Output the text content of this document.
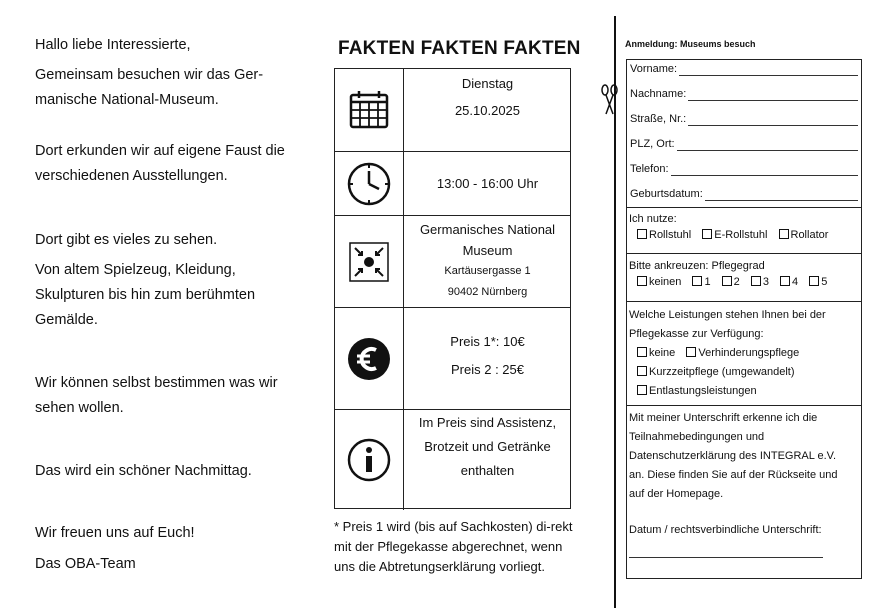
Hallo liebe Interessierte,

Gemeinsam besuchen wir das Ger-manische National-Museum.

Dort erkunden wir auf eigene Faust die verschiedenen Ausstellungen.

Dort gibt es vieles zu sehen.

Von altem Spielzeug, Kleidung, Skulpturen bis hin zum berühmten Gemälde.

Wir können selbst bestimmen was wir sehen wollen.

Das wird ein schöner Nachmittag.

Wir freuen uns auf Euch!

Das OBA-Team

FAKTEN FAKTEN FAKTEN
Dienstag
25.10.2025
13:00 - 16:00 Uhr
Germanisches National
Museum
Kartäusergasse 1
90402 Nürnberg
Preis 1*: 10€
Preis 2 : 25€
Im Preis sind Assistenz,
Brotzeit und Getränke
enthalten
* Preis 1 wird (bis auf Sachkosten) di-rekt mit der Pflegekasse abgerechnet, wenn uns die Abtretungserklärung vorliegt.
Anmeldung: Museums besuch
Vorname:
Nachname:
Straße, Nr.:
PLZ, Ort:
Telefon:
Geburtsdatum:
Ich nutze:
Rollstuhl E-Rollstuhl Rollator
Bitte ankreuzen: Pflegegrad
keinen 1 2 3 4 5
Welche Leistungen stehen Ihnen bei der
Pflegekasse zur Verfügung:
keine Verhinderungspflege
Kurzzeitpflege (umgewandelt)
Entlastungsleistungen
Mit meiner Unterschrift erkenne ich die
Teilnahmebedingungen und
Datenschutzerklärung des INTEGRAL e.V.
an. Diese finden Sie auf der Rückseite und
auf der Homepage.
Datum / rechtsverbindliche Unterschrift:
